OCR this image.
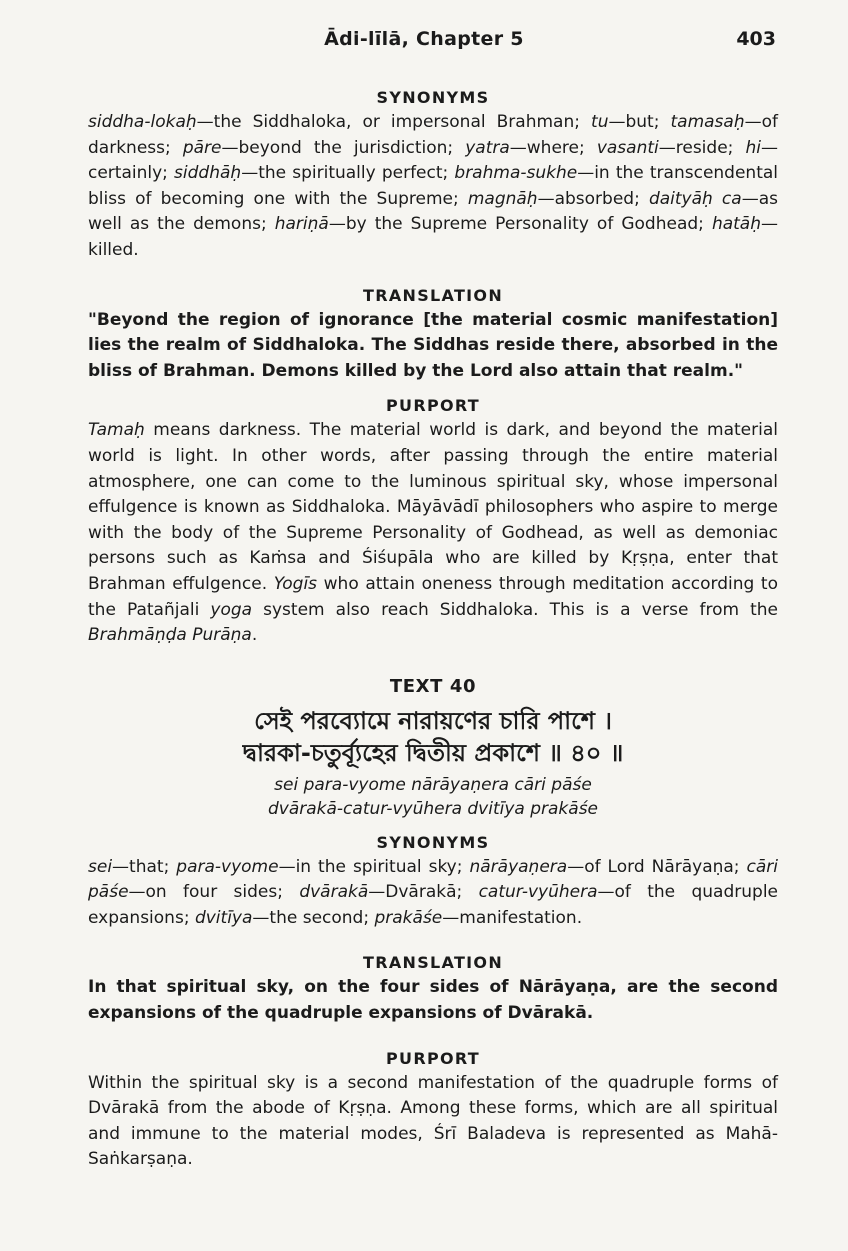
Ādi-līlā, Chapter 5	403
SYNONYMS

siddha-lokaḥ—the Siddhaloka, or impersonal Brahman; tu—but; tamasaḥ—of darkness; pāre—beyond the jurisdiction; yatra—where; vasanti—reside; hi—certainly; siddhāḥ—the spiritually perfect; brahma-sukhe—in the transcendental bliss of becoming one with the Supreme; magnāḥ—absorbed; daityāḥ ca—as well as the demons; hariṇā—by the Supreme Personality of Godhead; hatāḥ—killed.

TRANSLATION

"Beyond the region of ignorance [the material cosmic manifestation] lies the realm of Siddhaloka. The Siddhas reside there, absorbed in the bliss of Brahman. Demons killed by the Lord also attain that realm."

PURPORT

Tamaḥ means darkness. The material world is dark, and beyond the material world is light. In other words, after passing through the entire material atmosphere, one can come to the luminous spiritual sky, whose impersonal effulgence is known as Siddhaloka. Māyāvādī philosophers who aspire to merge with the body of the Supreme Personality of Godhead, as well as demoniac persons such as Kaṁsa and Śiśupāla who are killed by Kṛṣṇa, enter that Brahman effulgence. Yogīs who attain oneness through meditation according to the Patañjali yoga system also reach Siddhaloka. This is a verse from the Brahmāṇḍa Purāṇa.

TEXT 40
সেই পরব্যোমে নারায়ণের চারি পাশে ।
দ্বারকা-চতুর্ব্যূহের দ্বিতীয় প্রকাশে ॥ ৪০ ॥
sei para-vyome nārāyaṇera cāri pāśe
dvārakā-catur-vyūhera dvitīya prakāśe
SYNONYMS

sei—that; para-vyome—in the spiritual sky; nārāyaṇera—of Lord Nārāyaṇa; cāri pāśe—on four sides; dvārakā—Dvārakā; catur-vyūhera—of the quadruple expansions; dvitīya—the second; prakāśe—manifestation.

TRANSLATION

In that spiritual sky, on the four sides of Nārāyaṇa, are the second expansions of the quadruple expansions of Dvārakā.

PURPORT

Within the spiritual sky is a second manifestation of the quadruple forms of Dvārakā from the abode of Kṛṣṇa. Among these forms, which are all spiritual and immune to the material modes, Śrī Baladeva is represented as Mahā-Saṅkarṣaṇa.
